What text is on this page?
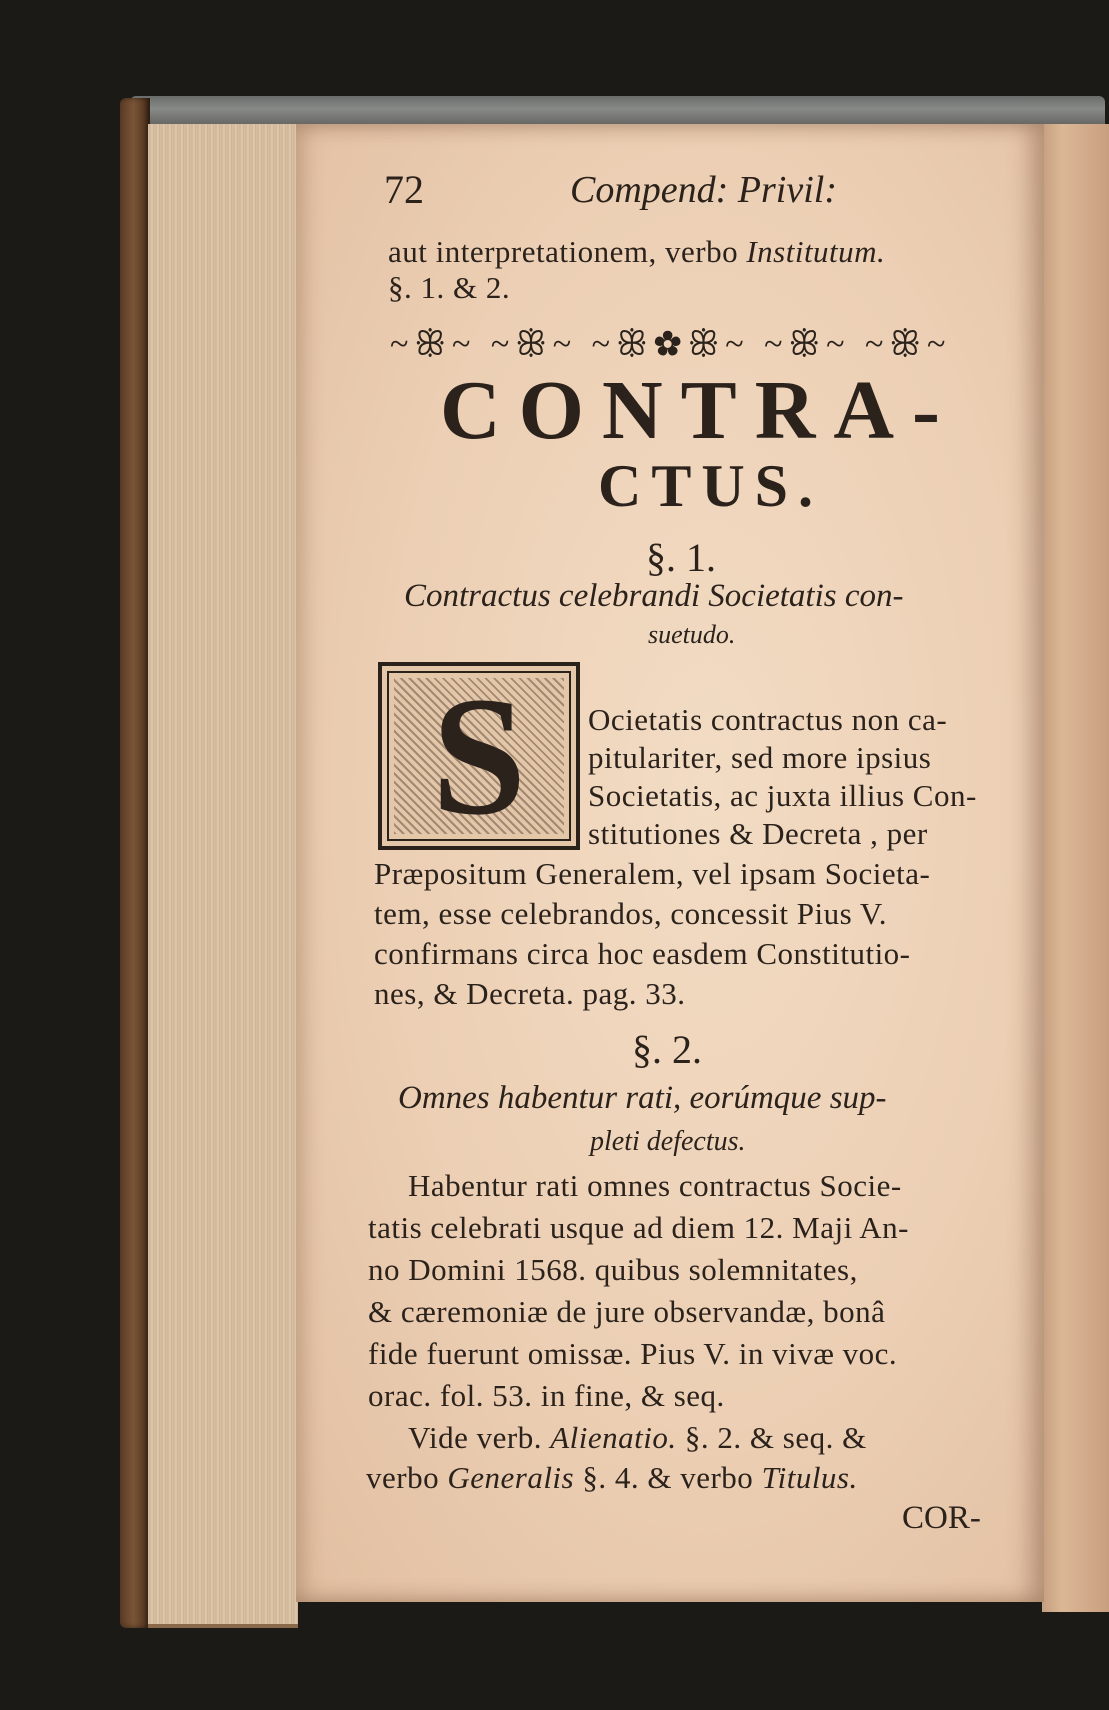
72	Compend: Privil:
aut interpretationem, verbo Institutum.
§. 1. & 2.
~ꕥ~ ~ꕥ~ ~ꕥ✿ꕥ~ ~ꕥ~ ~ꕥ~
CONTRA-
CTUS.
§. 1.
Contractus celebrandi Societatis con-
suetudo.
S	Ocietatis contractus non ca-
pitulariter, sed more ipsius
Societatis, ac juxta illius Con-
stitutiones & Decreta , per
Præpositum Generalem, vel ipsam Societa-
tem, esse celebrandos, concessit Pius V.
confirmans circa hoc easdem Constitutio-
nes, & Decreta. pag. 33.
§. 2.
Omnes habentur rati, eorúmque sup-
pleti defectus.
Habentur rati omnes contractus Socie-
tatis celebrati usque ad diem 12. Maji An-
no Domini 1568. quibus solemnitates,
& cæremoniæ de jure observandæ, bonâ
fide fuerunt omissæ. Pius V. in vivæ voc.
orac. fol. 53. in fine, & seq.
Vide verb. Alienatio. §. 2. & seq. &
verbo Generalis §. 4. & verbo Titulus.
COR-
